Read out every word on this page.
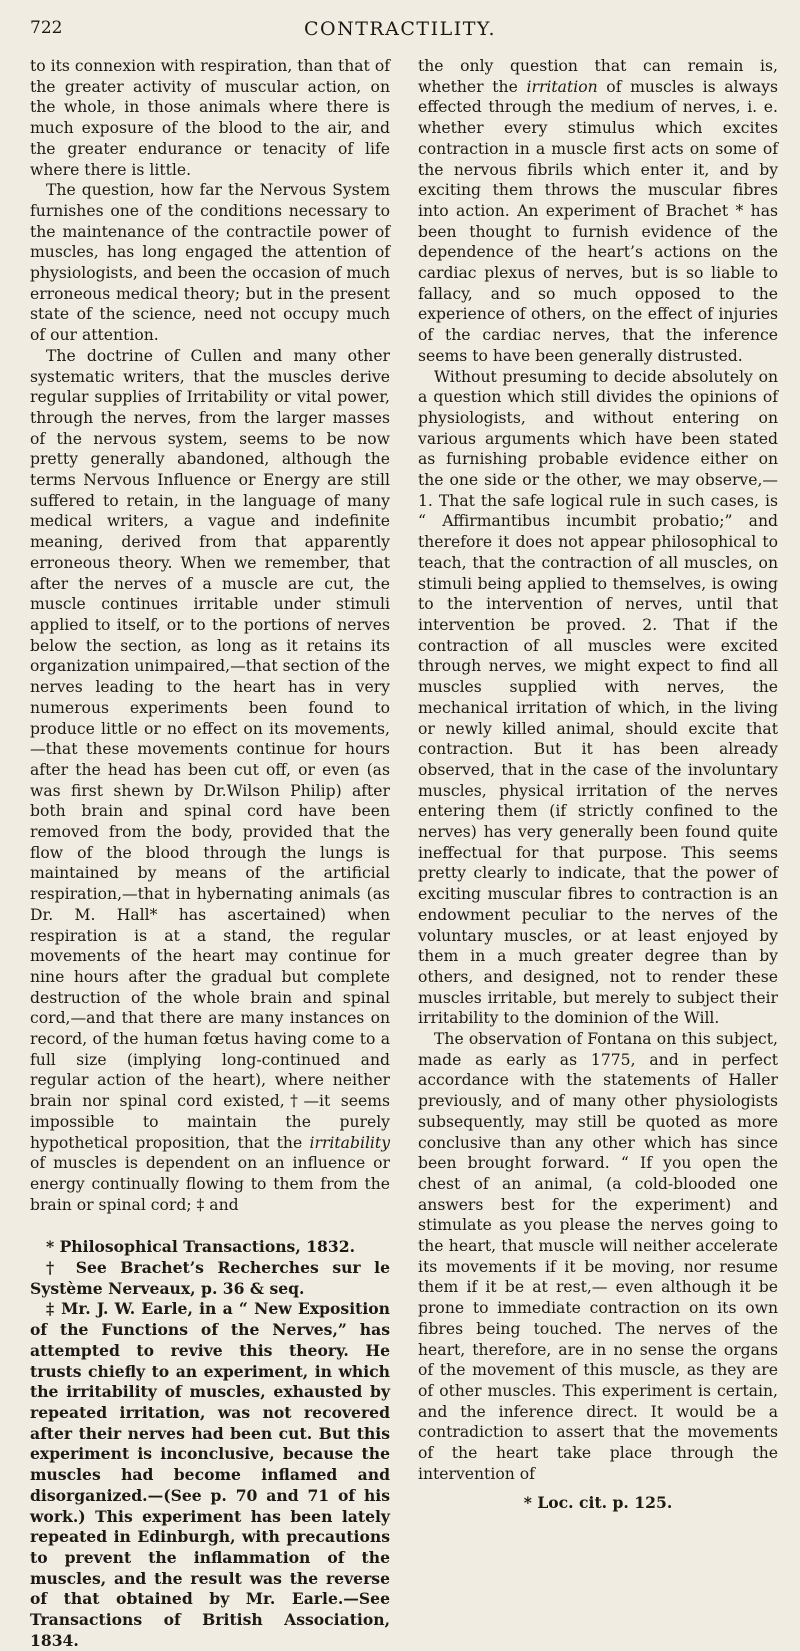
722	CONTRACTILITY.

to its connexion with respiration, than that of the greater activity of muscular action, on the whole, in those animals where there is much exposure of the blood to the air, and the greater endurance or tenacity of life where there is little.

The question, how far the Nervous System furnishes one of the conditions necessary to the maintenance of the contractile power of muscles, has long engaged the attention of physiologists, and been the occasion of much erroneous medical theory; but in the present state of the science, need not occupy much of our attention.

The doctrine of Cullen and many other systematic writers, that the muscles derive regular supplies of Irritability or vital power, through the nerves, from the larger masses of the nervous system, seems to be now pretty generally abandoned, although the terms Nervous Influence or Energy are still suffered to retain, in the language of many medical writers, a vague and indefinite meaning, derived from that apparently erroneous theory. When we remember, that after the nerves of a muscle are cut, the muscle continues irritable under stimuli applied to itself, or to the portions of nerves below the section, as long as it retains its organization unimpaired,—that section of the nerves leading to the heart has in very numerous experiments been found to produce little or no effect on its movements,—that these movements continue for hours after the head has been cut off, or even (as was first shewn by Dr.Wilson Philip) after both brain and spinal cord have been removed from the body, provided that the flow of the blood through the lungs is maintained by means of the artificial respiration,—that in hybernating animals (as Dr. M. Hall* has ascertained) when respiration is at a stand, the regular movements of the heart may continue for nine hours after the gradual but complete destruction of the whole brain and spinal cord,—and that there are many instances on record, of the human fœtus having come to a full size (implying long-continued and regular action of the heart), where neither brain nor spinal cord existed,†—it seems impossible to maintain the purely hypothetical proposition, that the irritability of muscles is dependent on an influence or energy continually flowing to them from the brain or spinal cord; ‡ and

* Philosophical Transactions, 1832.

† See Brachet’s Recherches sur le Système Nerveaux, p. 36 & seq.

‡ Mr. J. W. Earle, in a “ New Exposition of the Functions of the Nerves,” has attempted to revive this theory. He trusts chiefly to an experiment, in which the irritability of muscles, exhausted by repeated irritation, was not recovered after their nerves had been cut. But this experiment is inconclusive, because the muscles had become inflamed and disorganized.—(See p. 70 and 71 of his work.) This experiment has been lately repeated in Edinburgh, with precautions to prevent the inflammation of the muscles, and the result was the reverse of that obtained by Mr. Earle.—See Transactions of British Association, 1834.

the only question that can remain is, whether the irritation of muscles is always effected through the medium of nerves, i. e. whether every stimulus which excites contraction in a muscle first acts on some of the nervous fibrils which enter it, and by exciting them throws the muscular fibres into action. An experiment of Brachet * has been thought to furnish evidence of the dependence of the heart’s actions on the cardiac plexus of nerves, but is so liable to fallacy, and so much opposed to the experience of others, on the effect of injuries of the cardiac nerves, that the inference seems to have been generally distrusted.

Without presuming to decide absolutely on a question which still divides the opinions of physiologists, and without entering on various arguments which have been stated as furnishing probable evidence either on the one side or the other, we may observe,— 1. That the safe logical rule in such cases, is “ Affirmantibus incumbit probatio;” and therefore it does not appear philosophical to teach, that the contraction of all muscles, on stimuli being applied to themselves, is owing to the intervention of nerves, until that intervention be proved. 2. That if the contraction of all muscles were excited through nerves, we might expect to find all muscles supplied with nerves, the mechanical irritation of which, in the living or newly killed animal, should excite that contraction. But it has been already observed, that in the case of the involuntary muscles, physical irritation of the nerves entering them (if strictly confined to the nerves) has very generally been found quite ineffectual for that purpose. This seems pretty clearly to indicate, that the power of exciting muscular fibres to contraction is an endowment peculiar to the nerves of the voluntary muscles, or at least enjoyed by them in a much greater degree than by others, and designed, not to render these muscles irritable, but merely to subject their irritability to the dominion of the Will.

The observation of Fontana on this subject, made as early as 1775, and in perfect accordance with the statements of Haller previously, and of many other physiologists subsequently, may still be quoted as more conclusive than any other which has since been brought forward. “ If you open the chest of an animal, (a cold-blooded one answers best for the experiment) and stimulate as you please the nerves going to the heart, that muscle will neither accelerate its movements if it be moving, nor resume them if it be at rest,— even although it be prone to immediate contraction on its own fibres being touched. The nerves of the heart, therefore, are in no sense the organs of the movement of this muscle, as they are of other muscles. This experiment is certain, and the inference direct. It would be a contradiction to assert that the movements of the heart take place through the intervention of

* Loc. cit. p. 125.
